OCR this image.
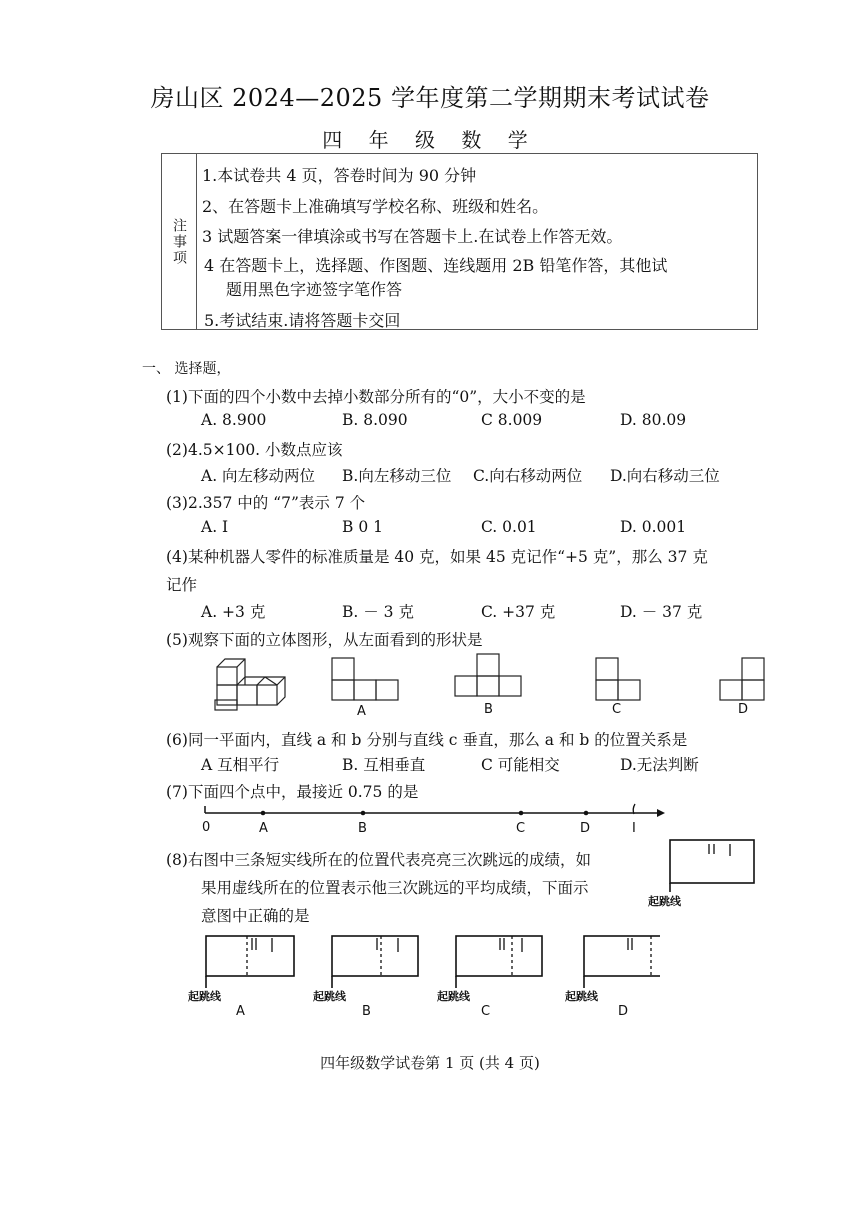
房山区 2024—2025 学年度第二学期期末考试试卷
四 年 级 数 学
注事项
1.本试卷共 4 页，答卷时间为 90 分钟
2、在答题卡上准确填写学校名称、班级和姓名。
3 试题答案一律填涂或书写在答题卡上.在试卷上作答无效。
4 在答题卡上，选择题、作图题、连线题用 2B 铅笔作答，其他试
题用黑色字迹签字笔作答
5.考试结束.请将答题卡交回
一、 选择题，
(1)下面的四个小数中去掉小数部分所有的“0”，大小不变的是
A. 8.900	B. 8.090	C 8.009	D. 80.09
(2)4.5×100. 小数点应该
A. 向左移动两位 B.向左移动三位 C.向右移动两位 D.向右移动三位
(3)2.357 中的 “7”表示 7 个
A. I	B 0 1	C. 0.01	D. 0.001
(4)某种机器人零件的标准质量是 40 克，如果 45 克记作“+5 克”，那么 37 克
记作
A. +3 克	B. － 3 克	C. +37 克	D. － 37 克
(5)观察下面的立体图形，从左面看到的形状是
A	B	C	D
(6)同一平面内，直线 a 和 b 分别与直线 c 垂直，那么 a 和 b 的位置关系是
A 互相平行	B. 互相垂直	C 可能相交	D.无法判断
(7)下面四个点中，最接近 0.75 的是
0	A	B	C	D	I
(8)右图中三条短实线所在的位置代表亮亮三次跳远的成绩，如
果用虚线所在的位置表示他三次跳远的平均成绩，下面示
意图中正确的是
起跳线
起跳线	起跳线	起跳线	起跳线
A	B	C	D
四年级数学试卷第 1 页 (共 4 页)
